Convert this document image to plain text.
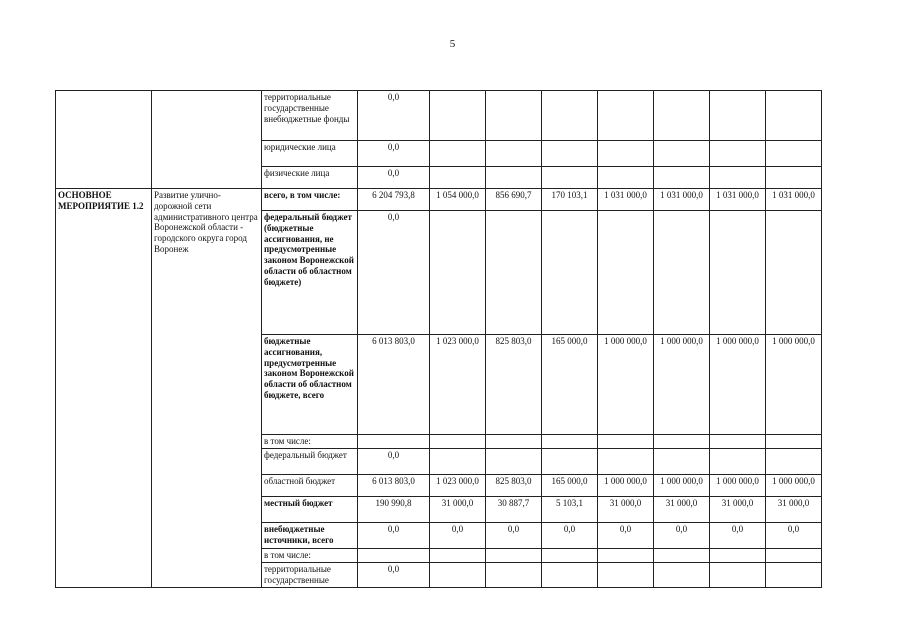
5
		территориальные государственные внебюджетные фонды	0,0							
		юридические лица	0,0							
		физические лица	0,0							
ОСНОВНОЕ МЕРОПРИЯТИЕ 1.2	Развитие улично-дорожной сети административного центра Воронежской области - городского округа город Воронеж	всего, в том числе:	6 204 793,8	1 054 000,0	856 690,7	170 103,1	1 031 000,0	1 031 000,0	1 031 000,0	1 031 000,0
		федеральный бюджет (бюджетные ассигнования, не предусмотренные законом Воронежской области об областном бюджете)	0,0							
		бюджетные ассигнования, предусмотренные законом Воронежской области об областном бюджете, всего	6 013 803,0	1 023 000,0	825 803,0	165 000,0	1 000 000,0	1 000 000,0	1 000 000,0	1 000 000,0
		в том числе:								
		федеральный бюджет	0,0							
		областной бюджет	6 013 803,0	1 023 000,0	825 803,0	165 000,0	1 000 000,0	1 000 000,0	1 000 000,0	1 000 000,0
		местный бюджет	190 990,8	31 000,0	30 887,7	5 103,1	31 000,0	31 000,0	31 000,0	31 000,0
		внебюджетные источники, всего	0,0	0,0	0,0	0,0	0,0	0,0	0,0	0,0
		в том числе:								
		территориальные государственные	0,0							
